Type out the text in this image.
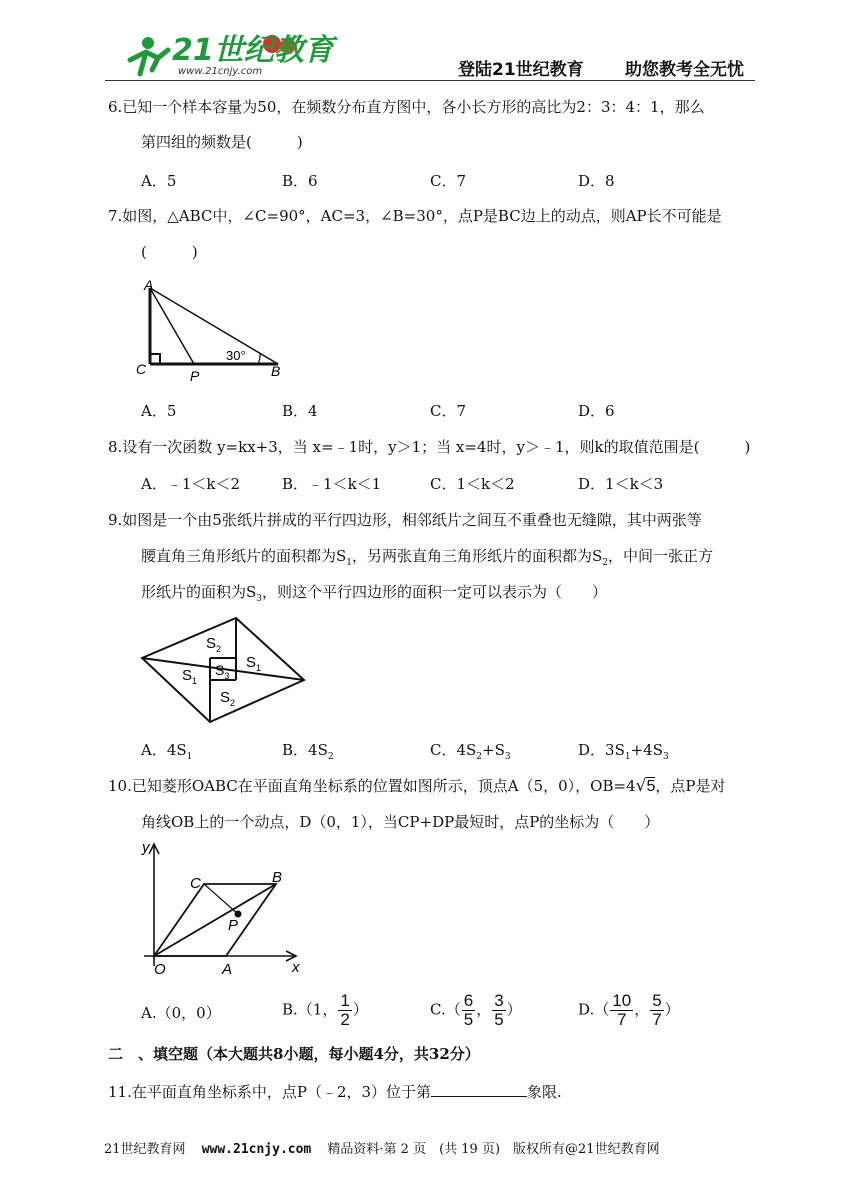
21世纪教育
www.21cnjy.com	登陆21世纪教育 助您教考全无忧
6.已知一个样本容量为50，在频数分布直方图中，各小长方形的高比为2：3：4：1，那么
第四组的频数是(　　　)
A．5	B．6	C．7	D．8
7.如图，△ABC中，∠C=90°，AC=3，∠B=30°，点P是BC边上的动点，则AP长不可能是
(　　　)
A
C	P	B
30°
A．5	B．4	C．7	D．6
8.设有一次函数 y=kx+3，当 x=﹣1时，y＞1；当 x=4时，y＞﹣1，则k的取值范围是(　　　)
A．﹣1＜k＜2	B．﹣1＜k＜1	C．1＜k＜2	D．1＜k＜3
9.如图是一个由5张纸片拼成的平行四边形，相邻纸片之间互不重叠也无缝隙，其中两张等
腰直角三角形纸片的面积都为$S_1$，另两张直角三角形纸片的面积都为$S_2$，中间一张正方
形纸片的面积为$S_3$，则这个平行四边形的面积一定可以表示为（　　）
$S_2$
$S_3$
$S_1$
$S_1$
$S_2$
A．$4S_1$	B．$4S_2$	C．$4S_2+S_3$	D．$3S_1+4S_3$
10.已知菱形OABC在平面直角坐标系的位置如图所示，顶点A（5，0），OB=4√5，点P是对
角线OB上的一个动点，D（0，1），当CP+DP最短时，点P的坐标为（　　）
y
x
O	A
B
C
P
A.（0，0）	B.（1， $\frac{1}{2}$ ）	$C.( \frac{6}{5}$ ， $\frac{3}{5}$ ）	$D.( \frac{10}{7}$ ， $\frac{5}{7}$ ）
二　、填空题（本大题共8小题，每小题4分，共32分）
11.在平面直角坐标系中，点P（﹣2，3）位于第	象限.
21世纪教育网 www.21cnjy.com 精品资料·第 2 页　(共 19 页)　版权所有@21世纪教育网
